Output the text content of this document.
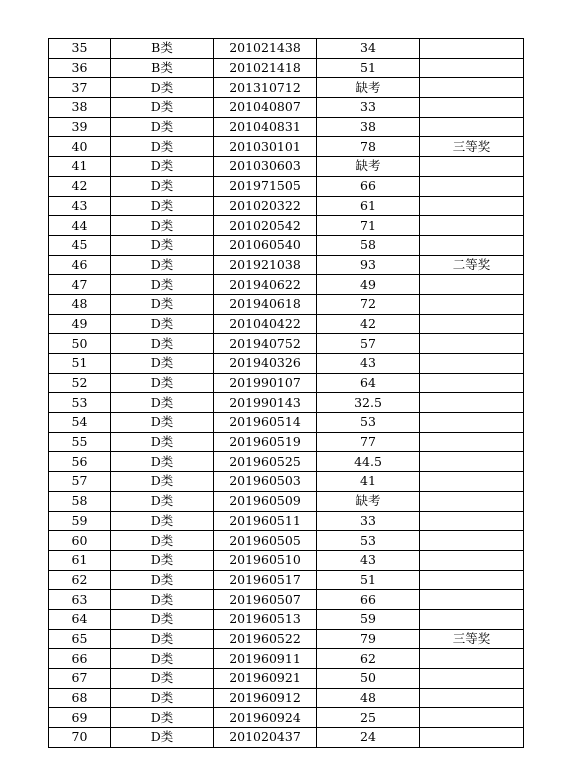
35	B类	201021438	34	
36	B类	201021418	51	
37	D类	201310712	缺考	
38	D类	201040807	33	
39	D类	201040831	38	
40	D类	201030101	78	三等奖
41	D类	201030603	缺考	
42	D类	201971505	66	
43	D类	201020322	61	
44	D类	201020542	71	
45	D类	201060540	58	
46	D类	201921038	93	二等奖
47	D类	201940622	49	
48	D类	201940618	72	
49	D类	201040422	42	
50	D类	201940752	57	
51	D类	201940326	43	
52	D类	201990107	64	
53	D类	201990143	32.5	
54	D类	201960514	53	
55	D类	201960519	77	
56	D类	201960525	44.5	
57	D类	201960503	41	
58	D类	201960509	缺考	
59	D类	201960511	33	
60	D类	201960505	53	
61	D类	201960510	43	
62	D类	201960517	51	
63	D类	201960507	66	
64	D类	201960513	59	
65	D类	201960522	79	三等奖
66	D类	201960911	62	
67	D类	201960921	50	
68	D类	201960912	48	
69	D类	201960924	25	
70	D类	201020437	24	
